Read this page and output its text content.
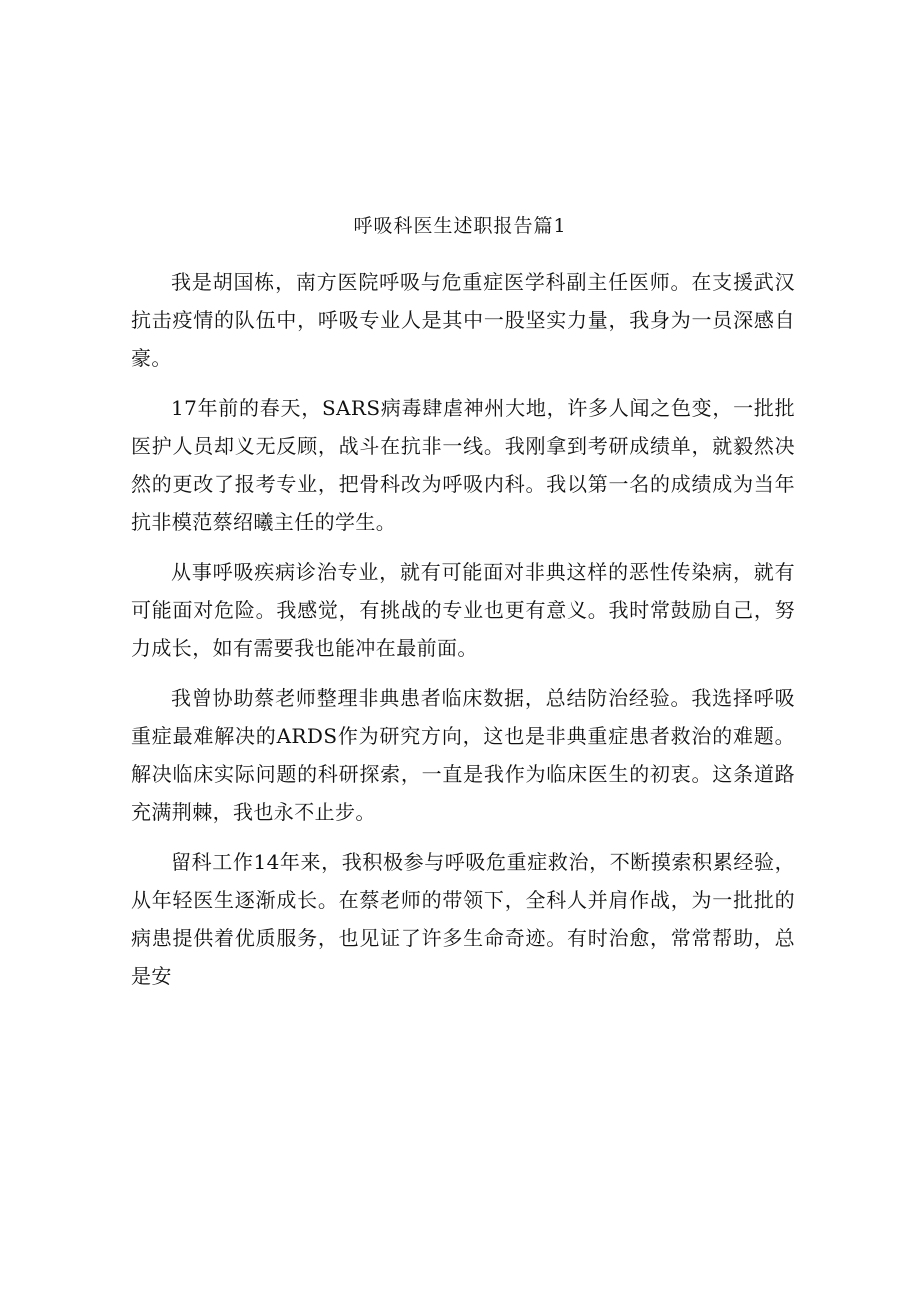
呼吸科医生述职报告篇1

我是胡国栋，南方医院呼吸与危重症医学科副主任医师。在支援武汉抗击疫情的队伍中，呼吸专业人是其中一股坚实力量，我身为一员深感自豪。

17年前的春天，SARS病毒肆虐神州大地，许多人闻之色变，一批批医护人员却义无反顾，战斗在抗非一线。我刚拿到考研成绩单，就毅然决然的更改了报考专业，把骨科改为呼吸内科。我以第一名的成绩成为当年抗非模范蔡绍曦主任的学生。

从事呼吸疾病诊治专业，就有可能面对非典这样的恶性传染病，就有可能面对危险。我感觉，有挑战的专业也更有意义。我时常鼓励自己，努力成长，如有需要我也能冲在最前面。

我曾协助蔡老师整理非典患者临床数据，总结防治经验。我选择呼吸重症最难解决的ARDS作为研究方向，这也是非典重症患者救治的难题。解决临床实际问题的科研探索，一直是我作为临床医生的初衷。这条道路充满荆棘，我也永不止步。

留科工作14年来，我积极参与呼吸危重症救治，不断摸索积累经验，从年轻医生逐渐成长。在蔡老师的带领下，全科人并肩作战，为一批批的病患提供着优质服务，也见证了许多生命奇迹。有时治愈，常常帮助，总是安
